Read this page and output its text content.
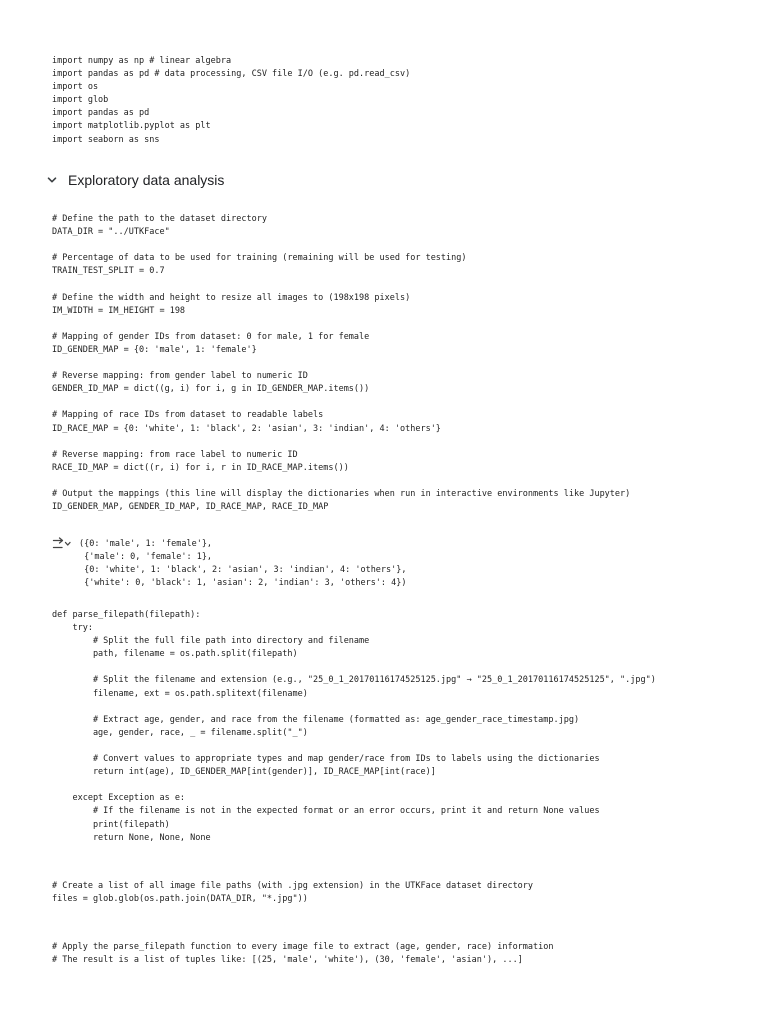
import numpy as np # linear algebra
import pandas as pd # data processing, CSV file I/O (e.g. pd.read_csv)
import os
import glob
import pandas as pd
import matplotlib.pyplot as plt
import seaborn as sns
Exploratory data analysis
# Define the path to the dataset directory
DATA_DIR = "../UTKFace"
# Percentage of data to be used for training (remaining will be used for testing)
TRAIN_TEST_SPLIT = 0.7
# Define the width and height to resize all images to (198x198 pixels)
IM_WIDTH = IM_HEIGHT = 198
# Mapping of gender IDs from dataset: 0 for male, 1 for female
ID_GENDER_MAP = {0: 'male', 1: 'female'}
# Reverse mapping: from gender label to numeric ID
GENDER_ID_MAP = dict((g, i) for i, g in ID_GENDER_MAP.items())
# Mapping of race IDs from dataset to readable labels
ID_RACE_MAP = {0: 'white', 1: 'black', 2: 'asian', 3: 'indian', 4: 'others'}
# Reverse mapping: from race label to numeric ID
RACE_ID_MAP = dict((r, i) for i, r in ID_RACE_MAP.items())
# Output the mappings (this line will display the dictionaries when run in interactive environments like Jupyter)
ID_GENDER_MAP, GENDER_ID_MAP, ID_RACE_MAP, RACE_ID_MAP
({0: 'male', 1: 'female'},
{'male': 0, 'female': 1},
{0: 'white', 1: 'black', 2: 'asian', 3: 'indian', 4: 'others'},
{'white': 0, 'black': 1, 'asian': 2, 'indian': 3, 'others': 4})
def parse_filepath(filepath):
try:
# Split the full file path into directory and filename
path, filename = os.path.split(filepath)
# Split the filename and extension (e.g., "25_0_1_20170116174525125.jpg" → "25_0_1_20170116174525125", ".jpg")
filename, ext = os.path.splitext(filename)
# Extract age, gender, and race from the filename (formatted as: age_gender_race_timestamp.jpg)
age, gender, race, _ = filename.split("_")
# Convert values to appropriate types and map gender/race from IDs to labels using the dictionaries
return int(age), ID_GENDER_MAP[int(gender)], ID_RACE_MAP[int(race)]
except Exception as e:
# If the filename is not in the expected format or an error occurs, print it and return None values
print(filepath)
return None, None, None
# Create a list of all image file paths (with .jpg extension) in the UTKFace dataset directory
files = glob.glob(os.path.join(DATA_DIR, "*.jpg"))
# Apply the parse_filepath function to every image file to extract (age, gender, race) information
# The result is a list of tuples like: [(25, 'male', 'white'), (30, 'female', 'asian'), ...]
